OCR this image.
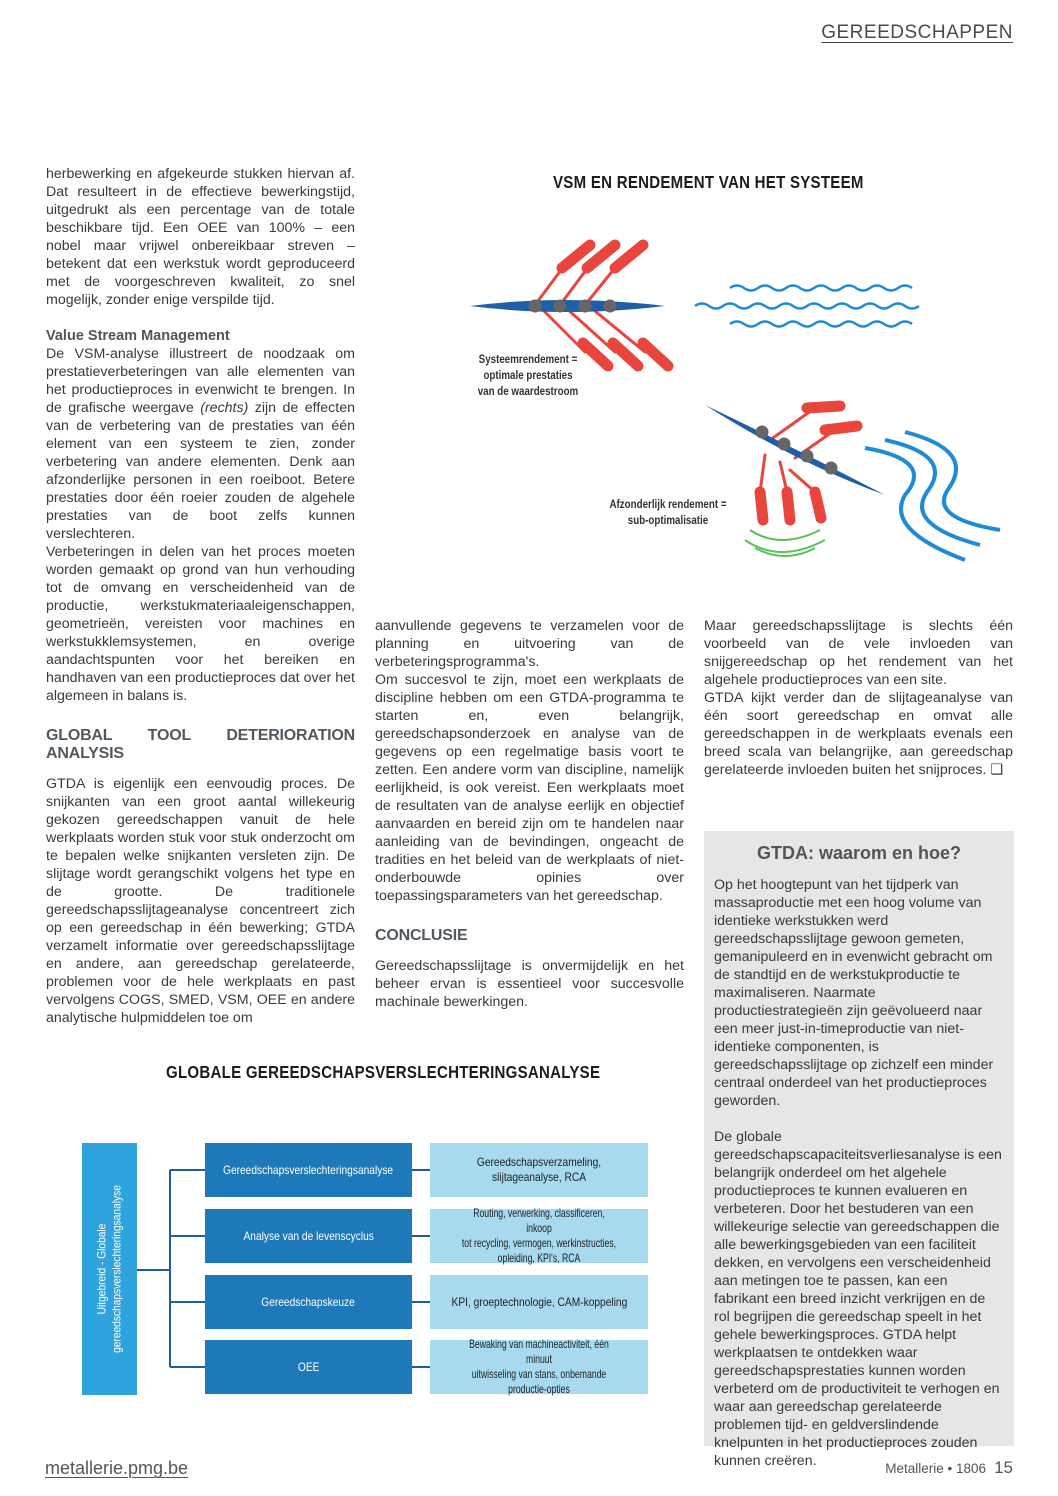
GEREEDSCHAPPEN

herbewerking en afgekeurde stukken hiervan af. Dat resulteert in de effectieve bewerkingstijd, uitgedrukt als een percentage van de totale beschikbare tijd. Een OEE van 100% – een nobel maar vrijwel onbereikbaar streven – betekent dat een werkstuk wordt geproduceerd met de voorgeschreven kwaliteit, zo snel mogelijk, zonder enige verspilde tijd.

Value Stream Management

De VSM-analyse illustreert de noodzaak om prestatieverbeteringen van alle elementen van het productieproces in evenwicht te brengen. In de grafische weergave (rechts) zijn de effecten van de verbetering van de prestaties van één element van een systeem te zien, zonder verbetering van andere elementen. Denk aan afzonderlijke personen in een roeiboot. Betere prestaties door één roeier zouden de algehele prestaties van de boot zelfs kunnen verslechteren.

Verbeteringen in delen van het proces moeten worden gemaakt op grond van hun verhouding tot de omvang en verscheidenheid van de productie, werkstukmateriaaleigenschappen, geometrieën, vereisten voor machines en werkstukklemsystemen, en overige aandachtspunten voor het bereiken en handhaven van een productieproces dat over het algemeen in balans is.

GLOBAL TOOL DETERIORATION ANALYSIS

GTDA is eigenlijk een eenvoudig proces. De snijkanten van een groot aantal willekeurig gekozen gereedschappen vanuit de hele werkplaats worden stuk voor stuk onderzocht om te bepalen welke snijkanten versleten zijn. De slijtage wordt gerangschikt volgens het type en de grootte. De traditionele gereedschapsslijtageanalyse concentreert zich op een gereedschap in één bewerking; GTDA verzamelt informatie over gereedschapsslijtage en andere, aan gereedschap gerelateerde, problemen voor de hele werkplaats en past vervolgens COGS, SMED, VSM, OEE en andere analytische hulpmiddelen toe om

VSM EN RENDEMENT VAN HET SYSTEEM
Systeemrendement =
optimale prestaties
van de waardestroom
Afzonderlijk rendement =
sub-optimalisatie

aanvullende gegevens te verzamelen voor de planning en uitvoering van de verbeteringsprogramma's.

Om succesvol te zijn, moet een werkplaats de discipline hebben om een GTDA-programma te starten en, even belangrijk, gereedschapsonderzoek en analyse van de gegevens op een regelmatige basis voort te zetten. Een andere vorm van discipline, namelijk eerlijkheid, is ook vereist. Een werkplaats moet de resultaten van de analyse eerlijk en objectief aanvaarden en bereid zijn om te handelen naar aanleiding van de bevindingen, ongeacht de tradities en het beleid van de werkplaats of niet-onderbouwde opinies over toepassingsparameters van het gereedschap.

CONCLUSIE

Gereedschapsslijtage is onvermijdelijk en het beheer ervan is essentieel voor succesvolle machinale bewerkingen.

Maar gereedschapsslijtage is slechts één voorbeeld van de vele invloeden van snijgereedschap op het rendement van het algehele productieproces van een site.

GTDA kijkt verder dan de slijtageanalyse van één soort gereedschap en omvat alle gereedschappen in de werkplaats evenals een breed scala van belangrijke, aan gereedschap gerelateerde invloeden buiten het snijproces. ❑

GTDA: waarom en hoe?

Op het hoogtepunt van het tijdperk van massaproductie met een hoog volume van identieke werkstukken werd gereedschapsslijtage gewoon gemeten, gemanipuleerd en in evenwicht gebracht om de standtijd en de werkstukproductie te maximaliseren. Naarmate productiestrategieën zijn geëvolueerd naar een meer just-in-timeproductie van niet-identieke componenten, is gereedschapsslijtage op zichzelf een minder centraal onderdeel van het productieproces geworden.

De globale gereedschapscapaciteitsverliesanalyse is een belangrijk onderdeel om het algehele productieproces te kunnen evalueren en verbeteren. Door het bestuderen van een willekeurige selectie van gereedschappen die alle bewerkingsgebieden van een faciliteit dekken, en vervolgens een verscheidenheid aan metingen toe te passen, kan een fabrikant een breed inzicht verkrijgen en de rol begrijpen die gereedschap speelt in het gehele bewerkingsproces. GTDA helpt werkplaatsen te ontdekken waar gereedschapsprestaties kunnen worden verbeterd om de productiviteit te verhogen en waar aan gereedschap gerelateerde problemen tijd- en geldverslindende knelpunten in het productieproces zouden kunnen creëren.

GLOBALE GEREEDSCHAPSVERSLECHTERINGSANALYSE
Uitgebreid - Globale gereedschapsverslechteringsanalyse
Gereedschapsverslechteringsanalyse
Analyse van de levenscyclus
Gereedschapskeuze
OEE
Gereedschapsverzameling, slijtageanalyse, RCA
Routing, verwerking, classificeren, inkoop
tot recycling, vermogen, werkinstructies,
opleiding, KPI's, RCA
KPI, groeptechnologie, CAM-koppeling
Bewaking van machineactiviteit, één minuut
uitwisseling van stans, onbemande
productie-opties
metallerie.pmg.be	Metallerie • 1806 15
